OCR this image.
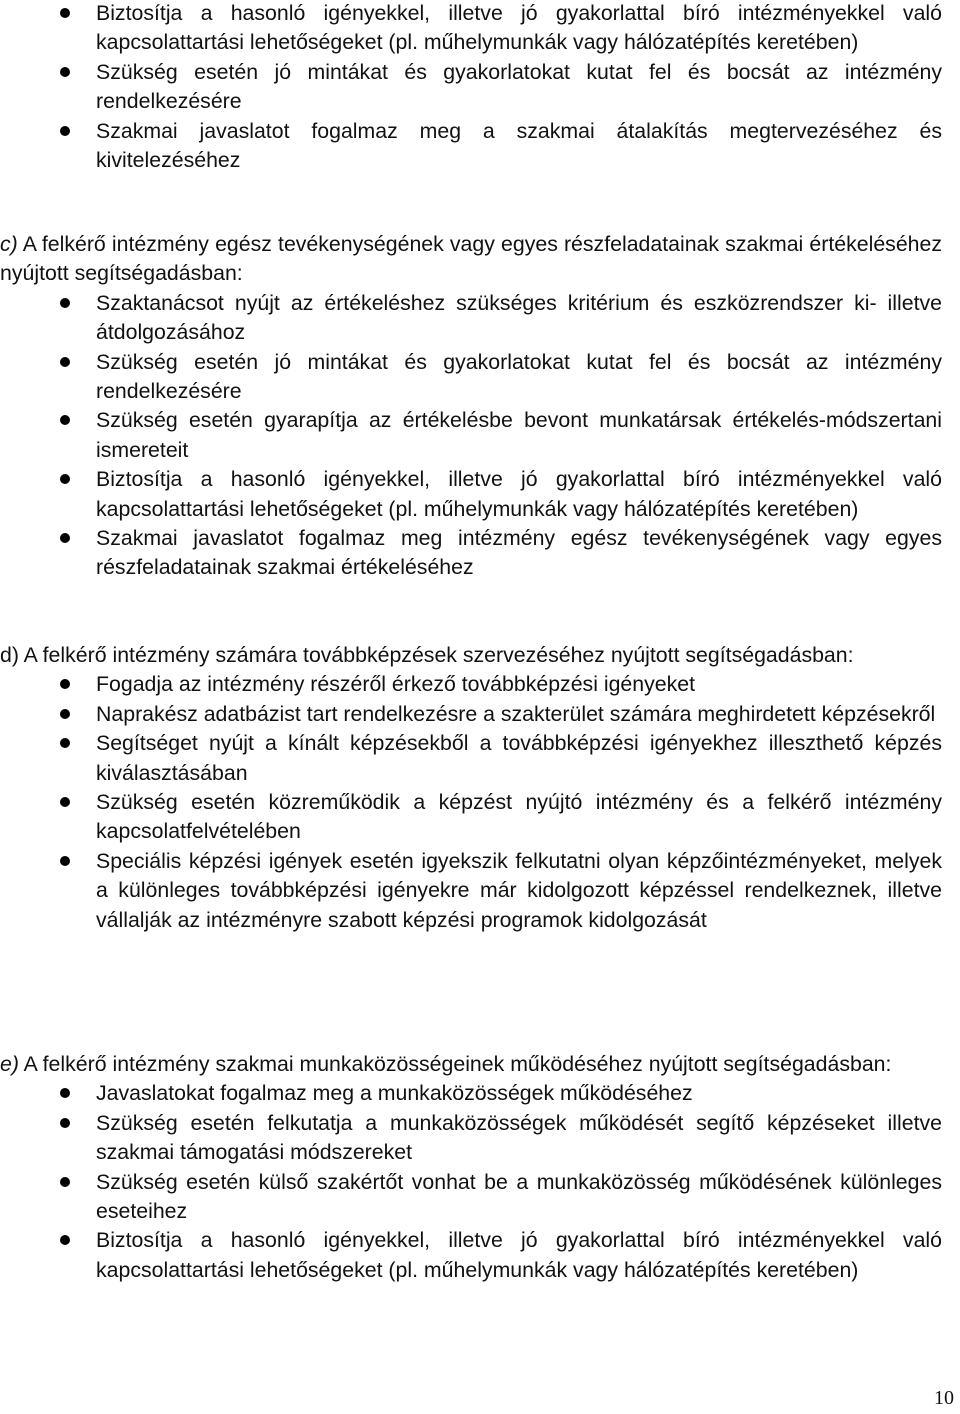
Biztosítja a hasonló igényekkel, illetve jó gyakorlattal bíró intézményekkel való kapcsolattartási lehetőségeket (pl. műhelymunkák vagy hálózatépítés keretében)
Szükség esetén jó mintákat és gyakorlatokat kutat fel és bocsát az intézmény rendelkezésére
Szakmai javaslatot fogalmaz meg a szakmai átalakítás megtervezéséhez és kivitelezéséhez

c) A felkérő intézmény egész tevékenységének vagy egyes részfeladatainak szakmai értékeléséhez nyújtott segítségadásban:

Szaktanácsot nyújt az értékeléshez szükséges kritérium és eszközrendszer ki- illetve átdolgozásához
Szükség esetén jó mintákat és gyakorlatokat kutat fel és bocsát az intézmény rendelkezésére
Szükség esetén gyarapítja az értékelésbe bevont munkatársak értékelés-módszertani ismereteit
Biztosítja a hasonló igényekkel, illetve jó gyakorlattal bíró intézményekkel való kapcsolattartási lehetőségeket (pl. műhelymunkák vagy hálózatépítés keretében)
Szakmai javaslatot fogalmaz meg intézmény egész tevékenységének vagy egyes részfeladatainak szakmai értékeléséhez

d) A felkérő intézmény számára továbbképzések szervezéséhez nyújtott segítségadásban:

Fogadja az intézmény részéről érkező továbbképzési igényeket
Naprakész adatbázist tart rendelkezésre a szakterület számára meghirdetett képzésekről
Segítséget nyújt a kínált képzésekből a továbbképzési igényekhez illeszthető képzés kiválasztásában
Szükség esetén közreműködik a képzést nyújtó intézmény és a felkérő intézmény kapcsolatfelvételében
Speciális képzési igények esetén igyekszik felkutatni olyan képzőintézményeket, melyek a különleges továbbképzési igényekre már kidolgozott képzéssel rendelkeznek, illetve vállalják az intézményre szabott képzési programok kidolgozását

e) A felkérő intézmény szakmai munkaközösségeinek működéséhez nyújtott segítségadásban:

Javaslatokat fogalmaz meg a munkaközösségek működéséhez
Szükség esetén felkutatja a munkaközösségek működését segítő képzéseket illetve szakmai támogatási módszereket
Szükség esetén külső szakértőt vonhat be a munkaközösség működésének különleges eseteihez
Biztosítja a hasonló igényekkel, illetve jó gyakorlattal bíró intézményekkel való kapcsolattartási lehetőségeket (pl. műhelymunkák vagy hálózatépítés keretében)
10
